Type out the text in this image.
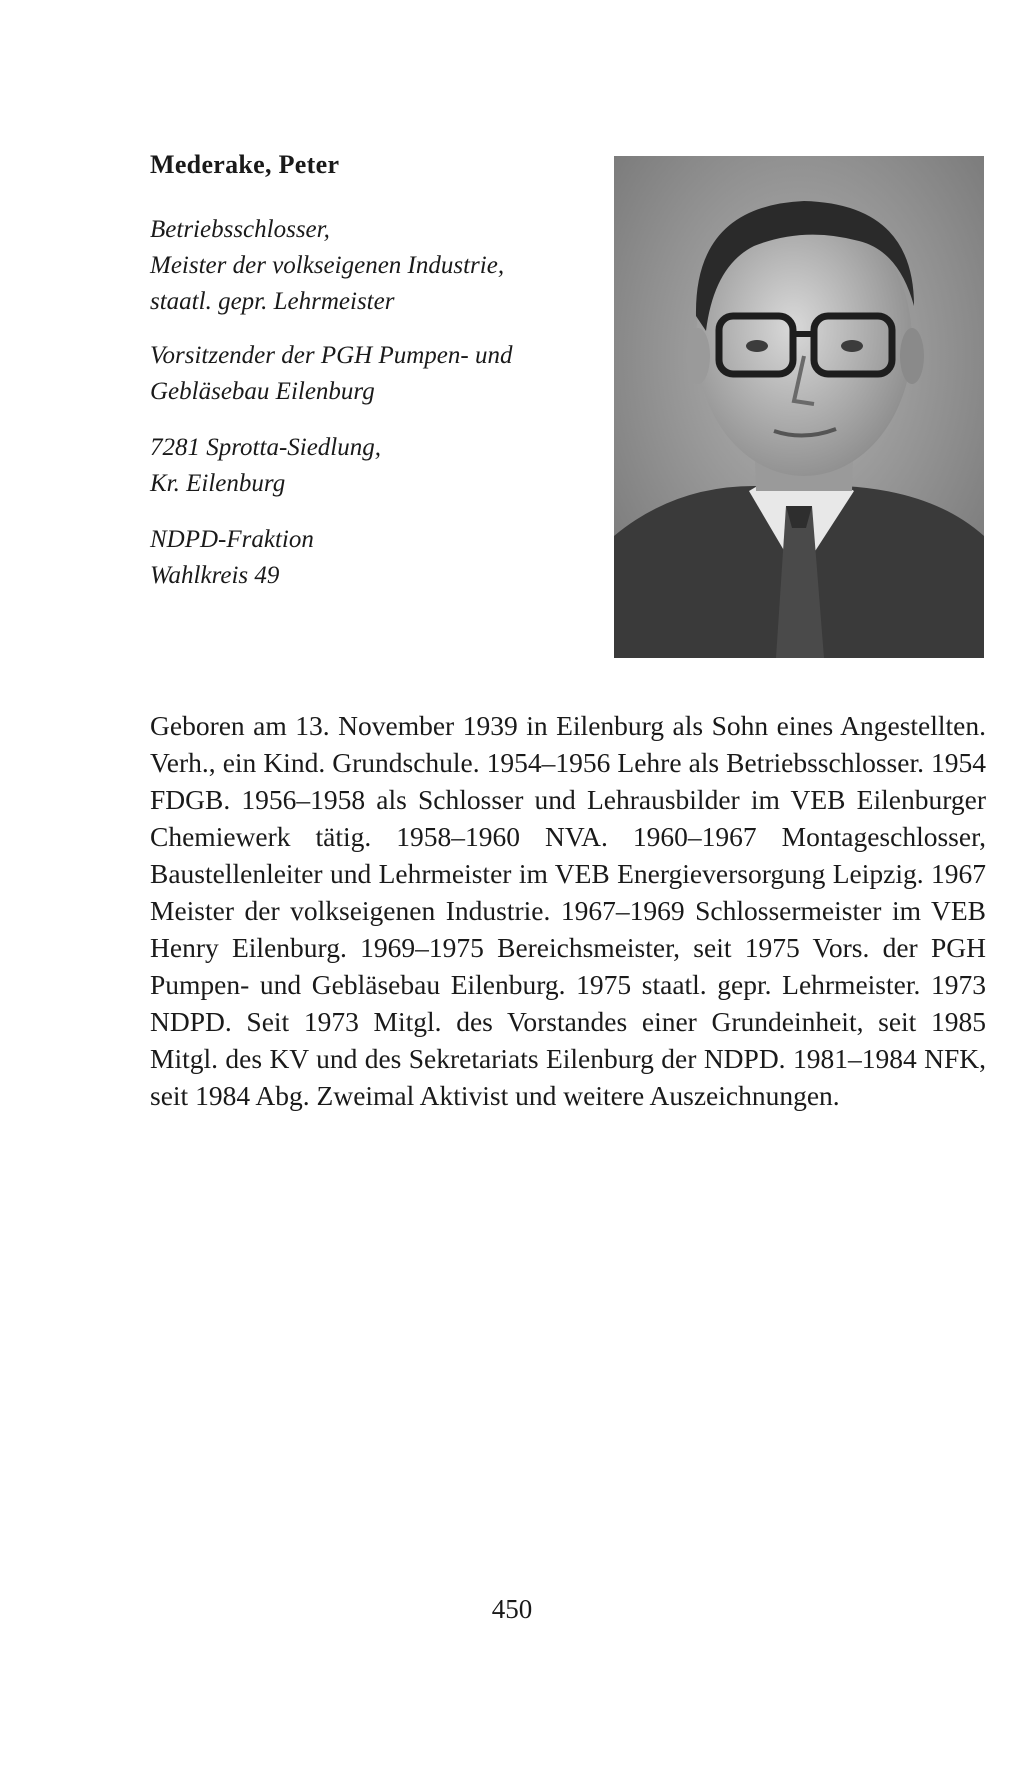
Mederake, Peter
Betriebsschlosser,
Meister der volkseigenen Industrie,
staatl. gepr. Lehrmeister
Vorsitzender der PGH Pumpen- und
Gebläsebau Eilenburg
7281 Sprotta-Siedlung,
Kr. Eilenburg
NDPD-Fraktion
Wahlkreis 49
Geboren am 13. November 1939 in Eilenburg als Sohn eines Angestellten. Verh., ein Kind. Grundschule. 1954–1956 Lehre als Betriebsschlosser. 1954 FDGB. 1956–1958 als Schlosser und Lehrausbilder im VEB Eilenburger Chemiewerk tätig. 1958–1960 NVA. 1960–1967 Montageschlosser, Baustellenleiter und Lehrmeister im VEB Energieversorgung Leipzig. 1967 Meister der volkseigenen Industrie. 1967–1969 Schlossermeister im VEB Henry Eilenburg. 1969–1975 Bereichsmeister, seit 1975 Vors. der PGH Pumpen- und Gebläsebau Eilenburg. 1975 staatl. gepr. Lehrmeister. 1973 NDPD. Seit 1973 Mitgl. des Vorstandes einer Grundeinheit, seit 1985 Mitgl. des KV und des Sekretariats Eilenburg der NDPD. 1981–1984 NFK, seit 1984 Abg. Zweimal Aktivist und weitere Auszeichnungen.
450
